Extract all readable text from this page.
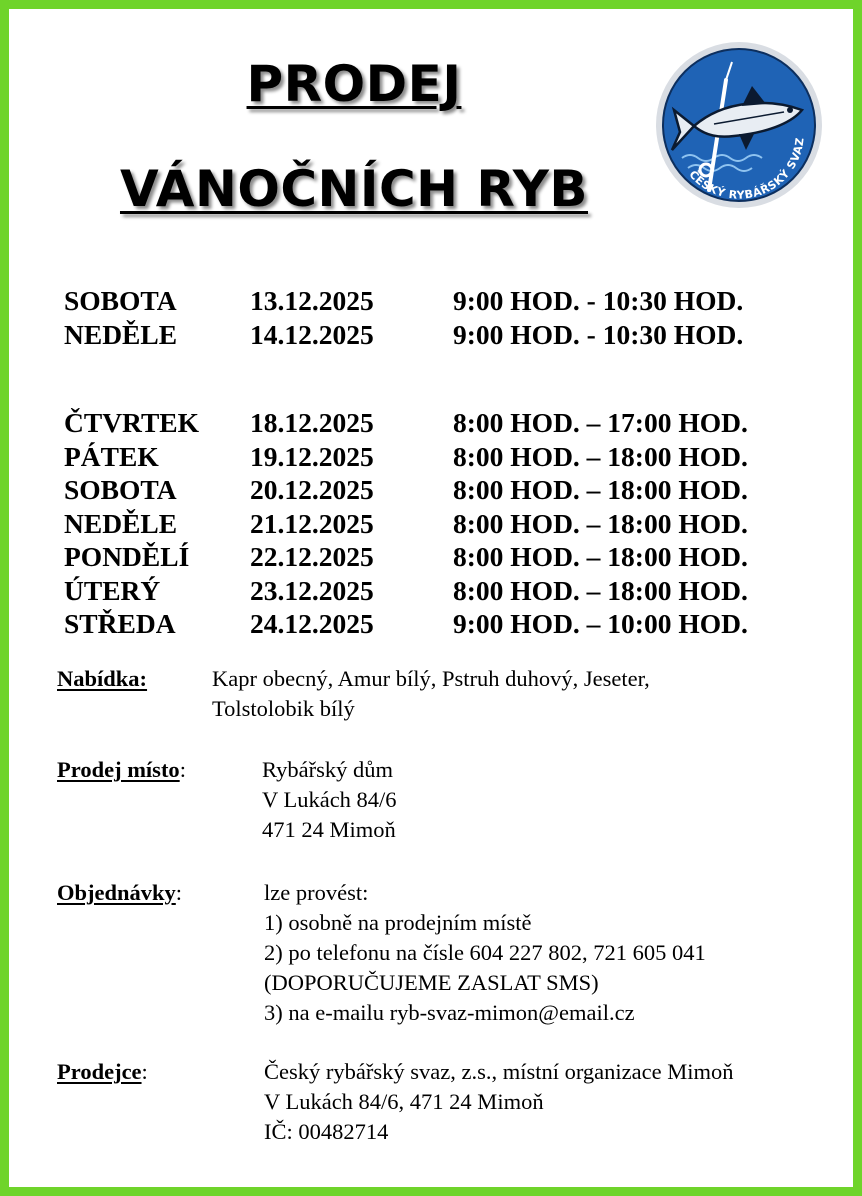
PRODEJ
VÁNOČNÍCH RYB	ČESKÝ RYBÁŘSKÝ SVAZ
SOBOTA	13.12.2025	9:00 HOD. - 10:30 HOD.
NEDĚLE	14.12.2025	9:00 HOD. - 10:30 HOD.
ČTVRTEK 18.12.2025	8:00 HOD. – 17:00 HOD.
PÁTEK	19.12.2025	8:00 HOD. – 18:00 HOD.
SOBOTA	20.12.2025	8:00 HOD. – 18:00 HOD.
NEDĚLE	21.12.2025	8:00 HOD. – 18:00 HOD.
PONDĚLÍ 22.12.2025	8:00 HOD. – 18:00 HOD.
ÚTERÝ	23.12.2025	8:00 HOD. – 18:00 HOD.
STŘEDA	24.12.2025	9:00 HOD. – 10:00 HOD.
Nabídka:	Kapr obecný, Amur bílý, Pstruh duhový, Jeseter,
Tolstolobik bílý
Prodej místo:	Rybářský dům
V Lukách 84/6
471 24 Mimoň
Objednávky:	lze provést:
1) osobně na prodejním místě
2) po telefonu na čísle 604 227 802, 721 605 041
(DOPORUČUJEME ZASLAT SMS)
3) na e-mailu ryb-svaz-mimon@email.cz
Prodejce:	Český rybářský svaz, z.s., místní organizace Mimoň
V Lukách 84/6, 471 24 Mimoň
IČ: 00482714
